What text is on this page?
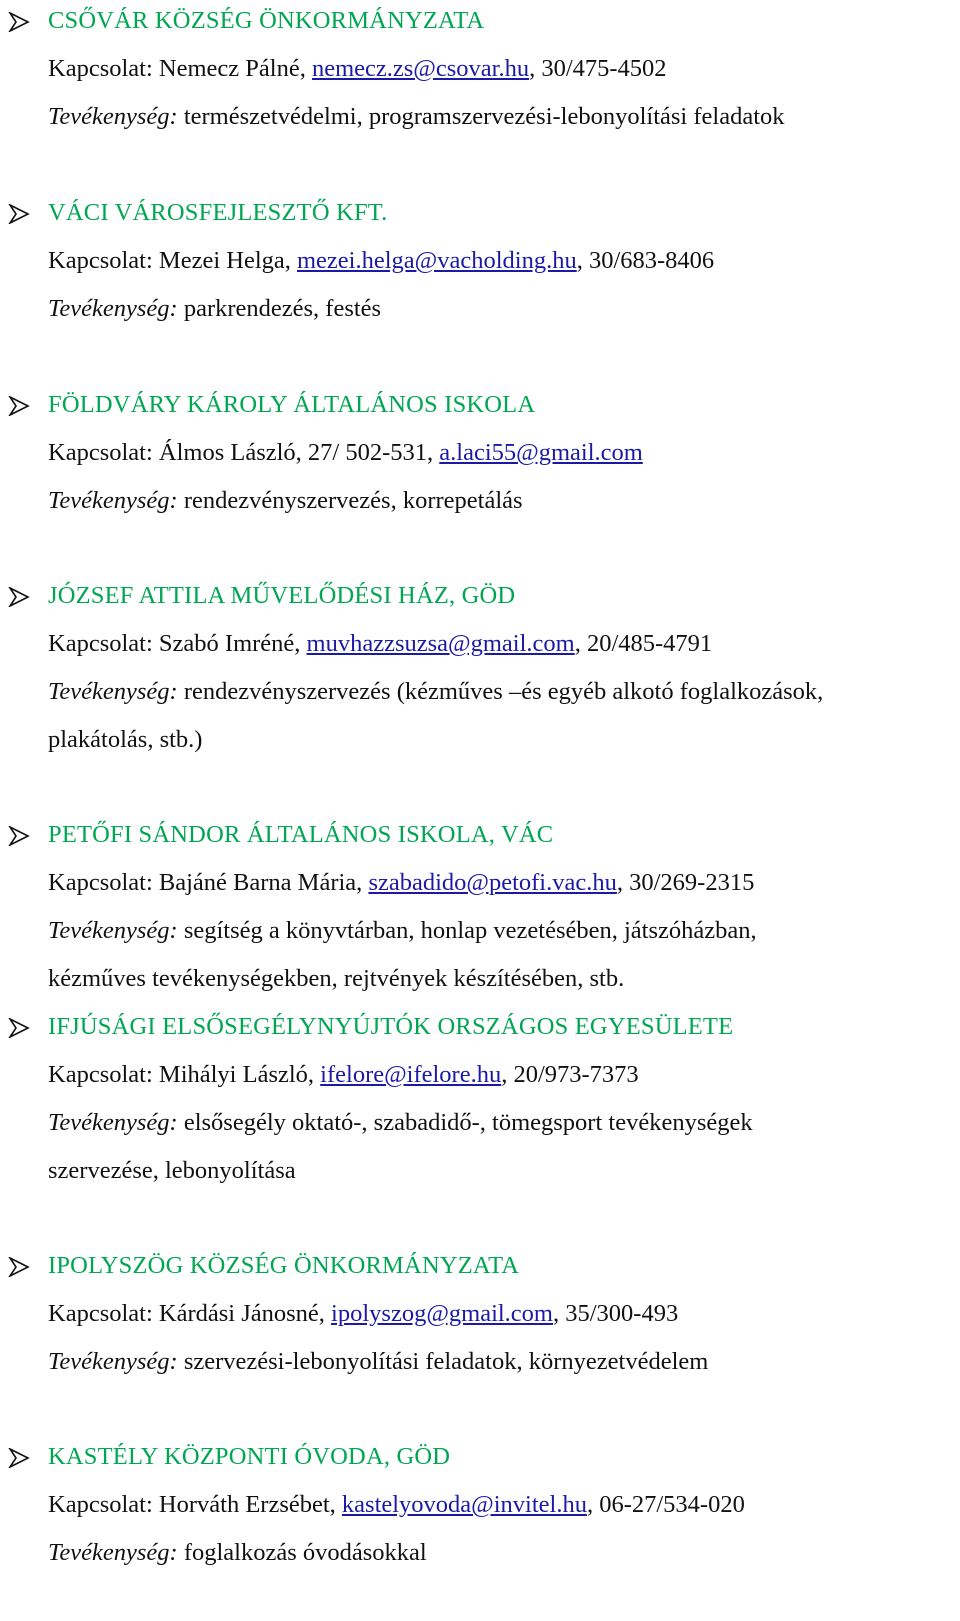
CSŐVÁR KÖZSÉG ÖNKORMÁNYZATA
Kapcsolat: Nemecz Pálné, nemecz.zs@csovar.hu, 30/475-4502
Tevékenység: természetvédelmi, programszervezési-lebonyolítási feladatok
VÁCI VÁROSFEJLESZTŐ KFT.
Kapcsolat: Mezei Helga, mezei.helga@vacholding.hu, 30/683-8406
Tevékenység: parkrendezés, festés
FÖLDVÁRY KÁROLY ÁLTALÁNOS ISKOLA
Kapcsolat: Álmos László, 27/ 502-531, a.laci55@gmail.com
Tevékenység: rendezvényszervezés, korrepetálás
JÓZSEF ATTILA MŰVELŐDÉSI HÁZ, GÖD
Kapcsolat: Szabó Imréné, muvhazzsuzsa@gmail.com, 20/485-4791
Tevékenység: rendezvényszervezés (kézműves –és egyéb alkotó foglalkozások,
plakátolás, stb.)
PETŐFI SÁNDOR ÁLTALÁNOS ISKOLA, VÁC
Kapcsolat: Bajáné Barna Mária, szabadido@petofi.vac.hu, 30/269-2315
Tevékenység: segítség a könyvtárban, honlap vezetésében, játszóházban,
kézműves tevékenységekben, rejtvények készítésében, stb.
IFJÚSÁGI ELSŐSEGÉLYNYÚJTÓK ORSZÁGOS EGYESÜLETE
Kapcsolat: Mihályi László, ifelore@ifelore.hu, 20/973-7373
Tevékenység: elsősegély oktató-, szabadidő-, tömegsport tevékenységek
szervezése, lebonyolítása
IPOLYSZÖG KÖZSÉG ÖNKORMÁNYZATA
Kapcsolat: Kárdási Jánosné, ipolyszog@gmail.com, 35/300-493
Tevékenység: szervezési-lebonyolítási feladatok, környezetvédelem
KASTÉLY KÖZPONTI ÓVODA, GÖD
Kapcsolat: Horváth Erzsébet, kastelyovoda@invitel.hu, 06-27/534-020
Tevékenység: foglalkozás óvodásokkal
